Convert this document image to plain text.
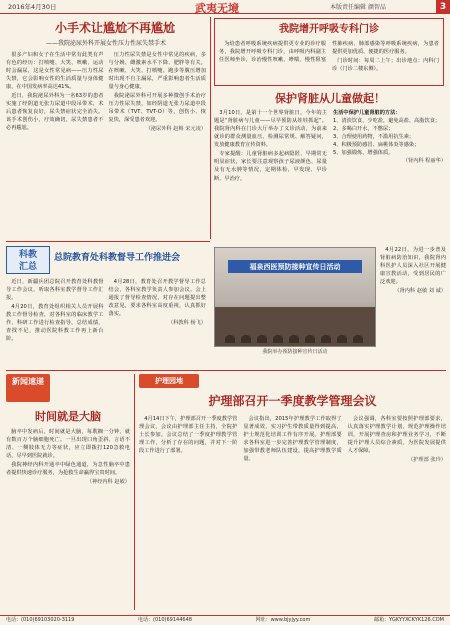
2016年4月30日	武夷无境	本版责任编辑 颜智品	3
小手术让尴尬不再尴尬
——我院泌尿外科开展女性压力性尿失禁手术

很多产妇和女子在生活中常有此类有声有色的经历：打喷嚏、大笑、咳嗽、运动时会漏尿，这是女性常见病——压力性尿失禁，它会影响女性的生活质量与身体健康，在中国发病率高达41%。

近日，我院泌尿外科为一名63岁的患者实施了经阴道无张力尿道中段吊带术，术后患者恢复良好，尿失禁症状完全消失。该手术创伤小，疗效确切，尿失禁患者不必再尴尬。

压力性尿失禁是女性中常见的疾病，多与分娩、雌激素水平下降、肥胖等有关。在咳嗽、大笑、打喷嚏、跑步等腹压增加时出现不自主漏尿，严重影响患者生活质量与身心健康。

我院泌尿外科可开展多种微创手术治疗压力性尿失禁，如经阴道无张力尿道中段吊带术（TVT、TVT-O）等，创伤小、恢复快，深受患者欢迎。

（泌尿外科 赵梅 宋元凌）

我院增开呼吸专科门诊

为给患者呼吸系统疾病提供更专业的诊疗服务，我院增开呼吸专科门诊，由呼吸内科副主任医师坐诊，诊治慢性咳嗽、哮喘、慢性阻塞性肺疾病、肺部感染等呼吸系统疾病，为患者提供更加优质、便捷的医疗服务。

门诊时间：每周二上午；出诊地点：内科门诊（门诊二楼东侧）。

保护肾脏从儿童做起！

3月10日，是第十一个世界肾脏日，今年的主题是“肾脏病与儿童——尽早预防从娃娃抓起”。我院肾内科在门诊大厅举办了义诊活动，为前来就诊的群众测量血压、检测尿常规、解答疑问，发放健康教育宣传资料。

专家提醒：儿童肾脏病多起病隐匿，早期常无明显症状，家长要注意观察孩子尿液颜色、尿量及有无水肿等情况，定期体检，早发现、早诊断、早治疗。

生活中保护儿童肾脏的方法：

1、清淡饮食，少吃盐，避免高盐、高脂饮食；

2、多喝白开水，不憋尿；

3、合理使用药物，不滥用抗生素；

4、积极预防感冒、扁桃体炎等感染；

5、加强锻炼，增强体质。

（肾内科 程丽华）

4月22日，为进一步普及肾脏病防治知识，我院肾内科医护人员深入社区开展健康宣教活动，受到居民的广泛欢迎。

（肾内科 赵敏 刘 诚）

科教
汇总
总院教育处科教督导工作推进会

近日，新疆兵团总院召开教育处科教督导工作会议，听取各科室教学督导工作汇报。

4月20日，教育处组织相关人员开展科教工作督导检查，对各科室的临床教学工作、科研工作进行检查指导，总结成绩，查找不足，推动医院科教工作再上新台阶。

4月28日，教育处召开教学督导工作总结会，各科室教学负责人参加会议。会上通报了督导检查情况，对存在问题提出整改意见，要求各科室高度重视，认真抓好落实。

（科教科 杨飞）

福泉西医预防接种宣传日活动
我院举办预防接种宣传日活动
新闻速递
时间就是大脑

脑卒中发病后，时间就是大脑，每耽搁一分钟，就有数百万个脑细胞死亡。一旦出现口角歪斜、言语不清、一侧肢体无力等症状，应立即拨打120急救电话，尽早到医院就诊。

我院神经内科开通卒中绿色通道，为急性脑卒中患者提供快速诊疗服务，为抢救生命赢得宝贵时间。

（神经内科 赵敏）

护理园地
护理部召开一季度教学管理会议

4月14日下午，护理部召开一季度教学管理会议，会议由护理部主任主持，全院护士长参加。会议总结了一季度护理教学管理工作，分析了存在的问题，并对下一阶段工作进行了部署。

会议指出，2015年护理教学工作取得了显著成效，实习护生带教质量得到提高，护士规范化培训工作有序开展。护理部要求各科室进一步完善护理教学管理制度，加强带教老师队伍建设，提高护理教学质量。

会议强调，各科室要按照护理部要求，认真落实护理教学计划，规范护理操作培训，开展护理查房和护理业务学习，不断提升护理人员综合素质，为医院发展提供人才保障。

（护理部 张玲）

电话：(010)69103020-3119	电话：(010)69144648	网址：www.bjyjyy.com	邮箱：YGKYYXCKYK126.COM
